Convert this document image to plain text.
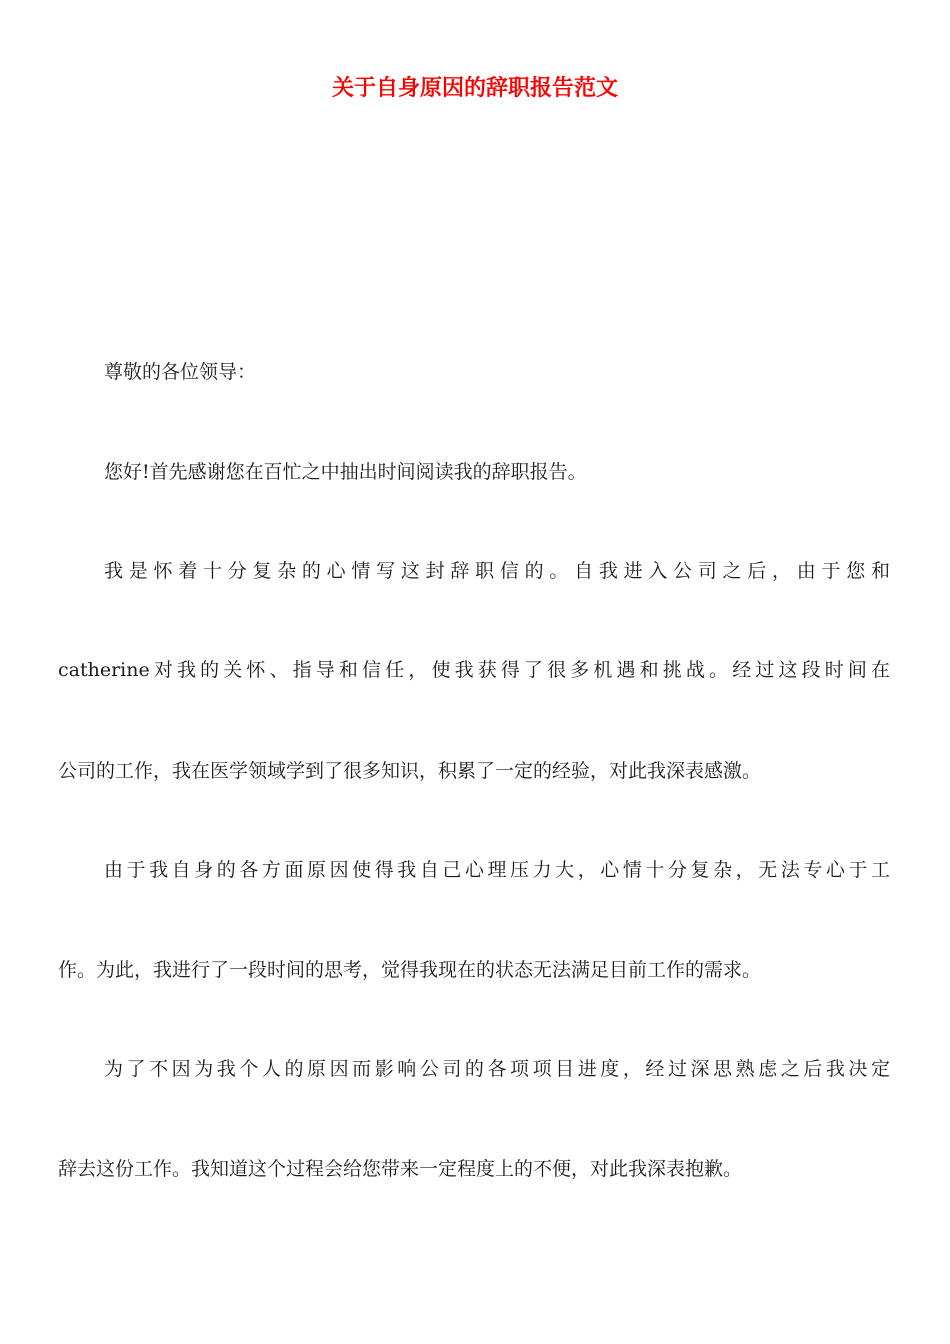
关于自身原因的辞职报告范文
尊敬的各位领导：
您好!首先感谢您在百忙之中抽出时间阅读我的辞职报告。
我是怀着十分复杂的心情写这封辞职信的。自我进入公司之后，由于您和
catherine对我的关怀、指导和信任，使我获得了很多机遇和挑战。经过这段时间在
公司的工作，我在医学领域学到了很多知识，积累了一定的经验，对此我深表感激。
由于我自身的各方面原因使得我自己心理压力大，心情十分复杂，无法专心于工
作。为此，我进行了一段时间的思考，觉得我现在的状态无法满足目前工作的需求。
为了不因为我个人的原因而影响公司的各项项目进度，经过深思熟虑之后我决定
辞去这份工作。我知道这个过程会给您带来一定程度上的不便，对此我深表抱歉。
